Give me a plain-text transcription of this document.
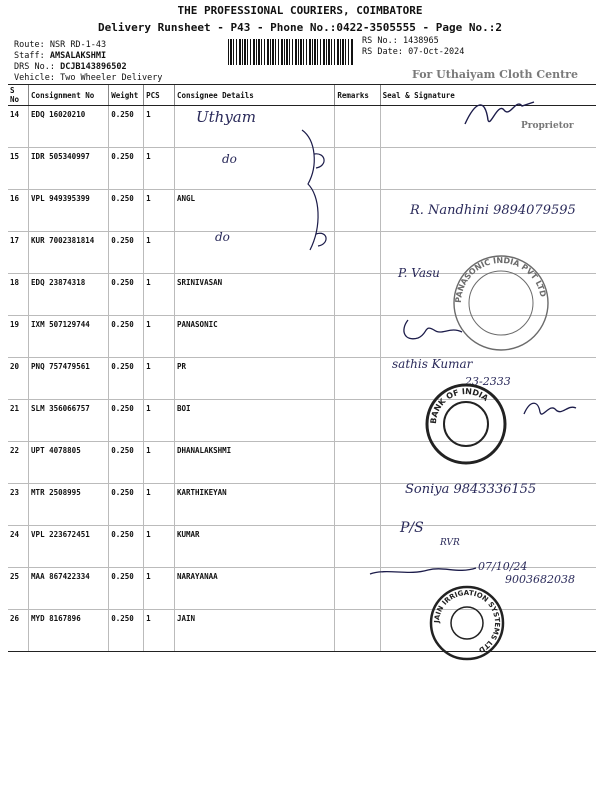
THE PROFESSIONAL COURIERS, COIMBATORE
Delivery Runsheet - P43 - Phone No.:0422-3505555 - Page No.:2
Route: NSR RD-1-43
Staff: AMSALAKSHMI
DRS No.: DCJB143896502
Vehicle: Two Wheeler Delivery
RS No.: 1438965
RS Date: 07-Oct-2024
For Uthaiyam Cloth Centre
S No	Consignment No	Weight	PCS	Consignee Details	Remarks	Seal & Signature
14	EDQ 16020210	0.250	1			
15	IDR 505340997	0.250	1			
16	VPL 949395399	0.250	1	ANGL		
17	KUR 7002381814	0.250	1			
18	EDQ 23874318	0.250	1	SRINIVASAN		
19	IXM 507129744	0.250	1	PANASONIC		
20	PNQ 757479561	0.250	1	PR		
21	SLM 356066757	0.250	1	BOI		
22	UPT 4078805	0.250	1	DHANALAKSHMI		
23	MTR 2508995	0.250	1	KARTHIKEYAN		
24	VPL 223672451	0.250	1	KUMAR		
25	MAA 867422334	0.250	1	NARAYANAA		
26	MYD 8167896	0.250	1	JAIN		
Proprietor
Uthyam
do
do
R. Nandhini 9894079595
P. Vasu
PANASONIC INDIA PVT LTD
sathis Kumar
23-2333
BANK OF INDIA
Soniya 9843336155
P/S
RVR
07/10/24
9003682038
JAIN IRRIGATION SYSTEMS LTD
